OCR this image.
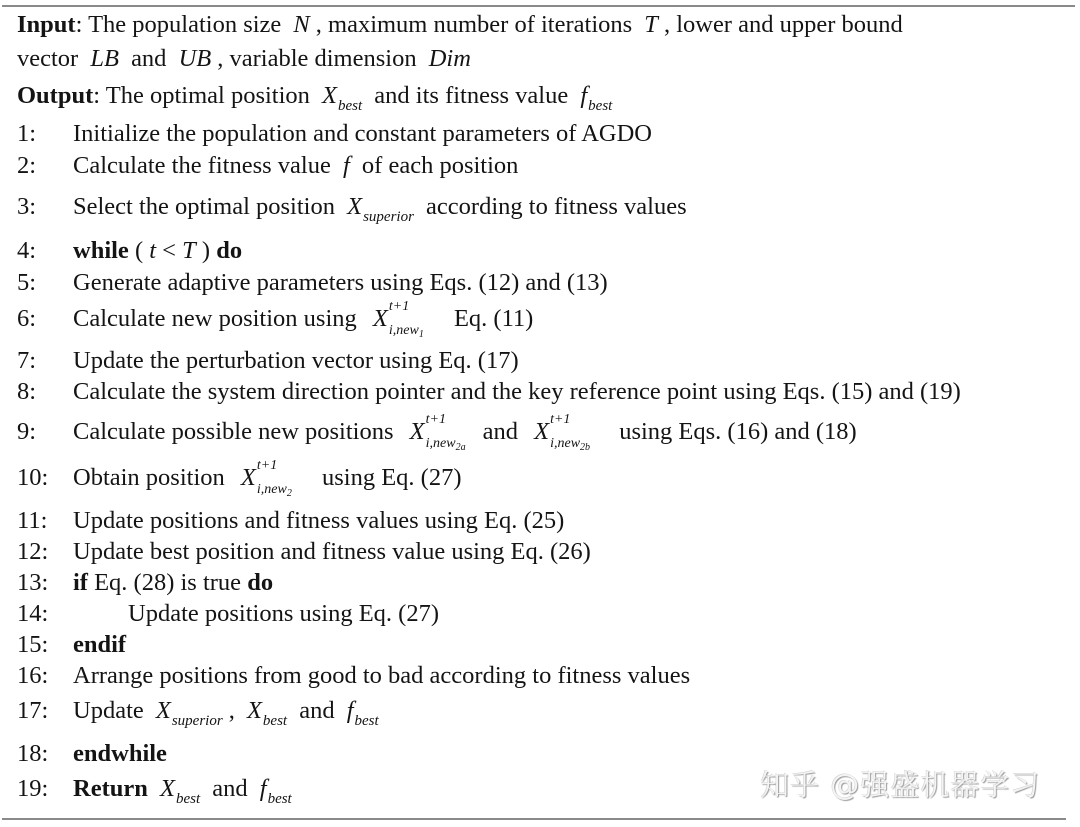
Input: The population size N , maximum number of iterations T , lower and upper bound
vector LB and UB , variable dimension Dim
Output: The optimal position $X_{best}$ and its fitness value $f_{best}$
1: Initialize the population and constant parameters of AGDO
2: Calculate the fitness value f of each position
3: Select the optimal position $X_{superior}$ according to fitness values
4: while ( t < T ) do
5: Generate adaptive parameters using Eqs. (12) and (13)
6: Calculate new position using X t+1
i,new$_1$
Eq. (11)
7: Update the perturbation vector using Eq. (17)
8: Calculate the system direction pointer and the key reference point using Eqs. (15) and (19)
9: Calculate possible new positions X t+1
i,new$_{2a}$
and X t+1
i,new$_{2b}$
using Eqs. (16) and (18)
10: Obtain position X t+1
i,new$_2$
using Eq. (27)
11: Update positions and fitness values using Eq. (25)
12: Update best position and fitness value using Eq. (26)
13: if Eq. (28) is true do
14:	Update positions using Eq. (27)
15: endif
16: Arrange positions from good to bad according to fitness values
17: Update $X_{superior}$ , $X_{best}$ and $f_{best}$
18: endwhile
19: Return $X_{best}$ and $f_{best}$	知乎 @强盛机器学习
